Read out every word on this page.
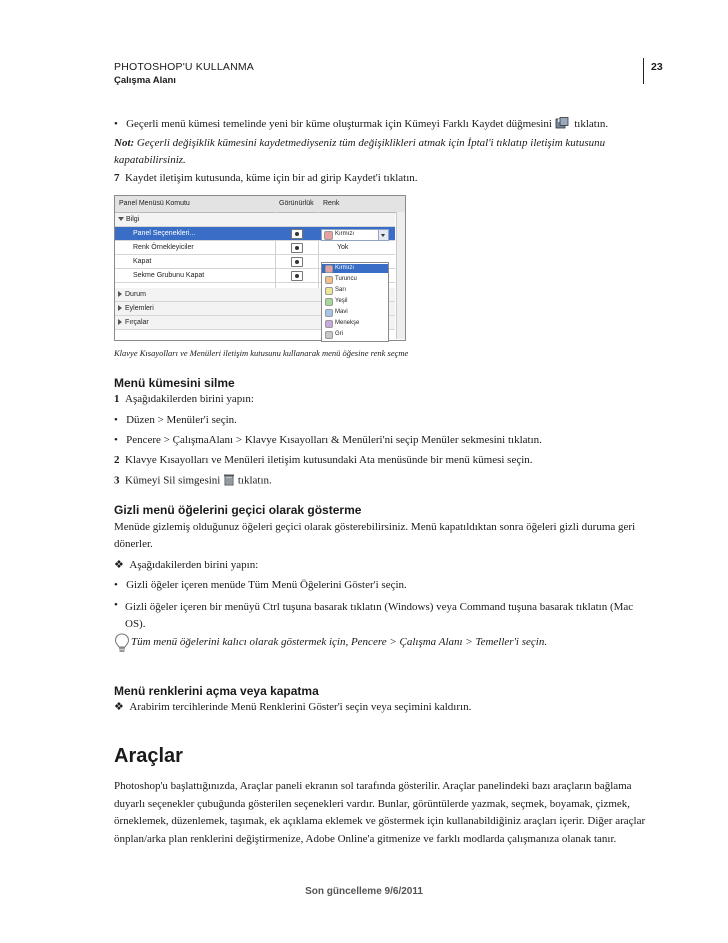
PHOTOSHOP'U KULLANMA
Çalışma Alanı
23
• Geçerli menü kümesi temelinde yeni bir küme oluşturmak için Kümeyi Farklı Kaydet düğmesini tıklatın.
Not: Geçerli değişiklik kümesini kaydetmediyseniz tüm değişiklikleri atmak için İptal'i tıklatıp iletişim kutusunu kapatabilirsiniz.
7 Kaydet iletişim kutusunda, küme için bir ad girip Kaydet'i tıklatın.
Panel Menüsü Komutu	Görünürlük Renk
Bilgi
Panel Seçenekleri...
Renk Örnekleyiciler	Yok
Kapat
Sekme Grubunu Kapat
Durum
Eylemleri
Fırçalar
Kırmızı
Kırmızı
Turuncu
Sarı
Yeşil
Mavi
Menekşe
Gri
Klavye Kısayolları ve Menüleri iletişim kutusunu kullanarak menü öğesine renk seçme
Menü kümesini silme
1 Aşağıdakilerden birini yapın:
•   Düzen > Menüler'i seçin.
•   Pencere > ÇalışmaAlanı > Klavye Kısayolları & Menüleri'ni seçip Menüler sekmesini tıklatın.
2 Klavye Kısayolları ve Menüleri iletişim kutusundaki Ata menüsünde bir menü kümesi seçin.
3 Kümeyi Sil simgesini tıklatın.
Gizli menü öğelerini geçici olarak gösterme
Menüde gizlemiş olduğunuz öğeleri geçici olarak gösterebilirsiniz. Menü kapatıldıktan sonra öğeleri gizli duruma geri dönerler.
❖ Aşağıdakilerden birini yapın:
•   Gizli öğeler içeren menüde Tüm Menü Öğelerini Göster'i seçin.
• Gizli öğeler içeren bir menüyü Ctrl tuşuna basarak tıklatın (Windows) veya Command tuşuna basarak tıklatın (Mac OS).
Tüm menü öğelerini kalıcı olarak göstermek için, Pencere > Çalışma Alanı > Temeller'i seçin.
Menü renklerini açma veya kapatma
❖ Arabirim tercihlerinde Menü Renklerini Göster'i seçin veya seçimini kaldırın.
Araçlar
Photoshop'u başlattığınızda, Araçlar paneli ekranın sol tarafında gösterilir. Araçlar panelindeki bazı araçların bağlama duyarlı seçenekler çubuğunda gösterilen seçenekleri vardır. Bunlar, görüntülerde yazmak, seçmek, boyamak, çizmek, örneklemek, düzenlemek, taşımak, ek açıklama eklemek ve göstermek için kullanabildiğiniz araçları içerir. Diğer araçlar önplan/arka plan renklerini değiştirmenize, Adobe Online'a gitmenize ve farklı modlarda çalışmanıza olanak tanır.
Son güncelleme 9/6/2011
